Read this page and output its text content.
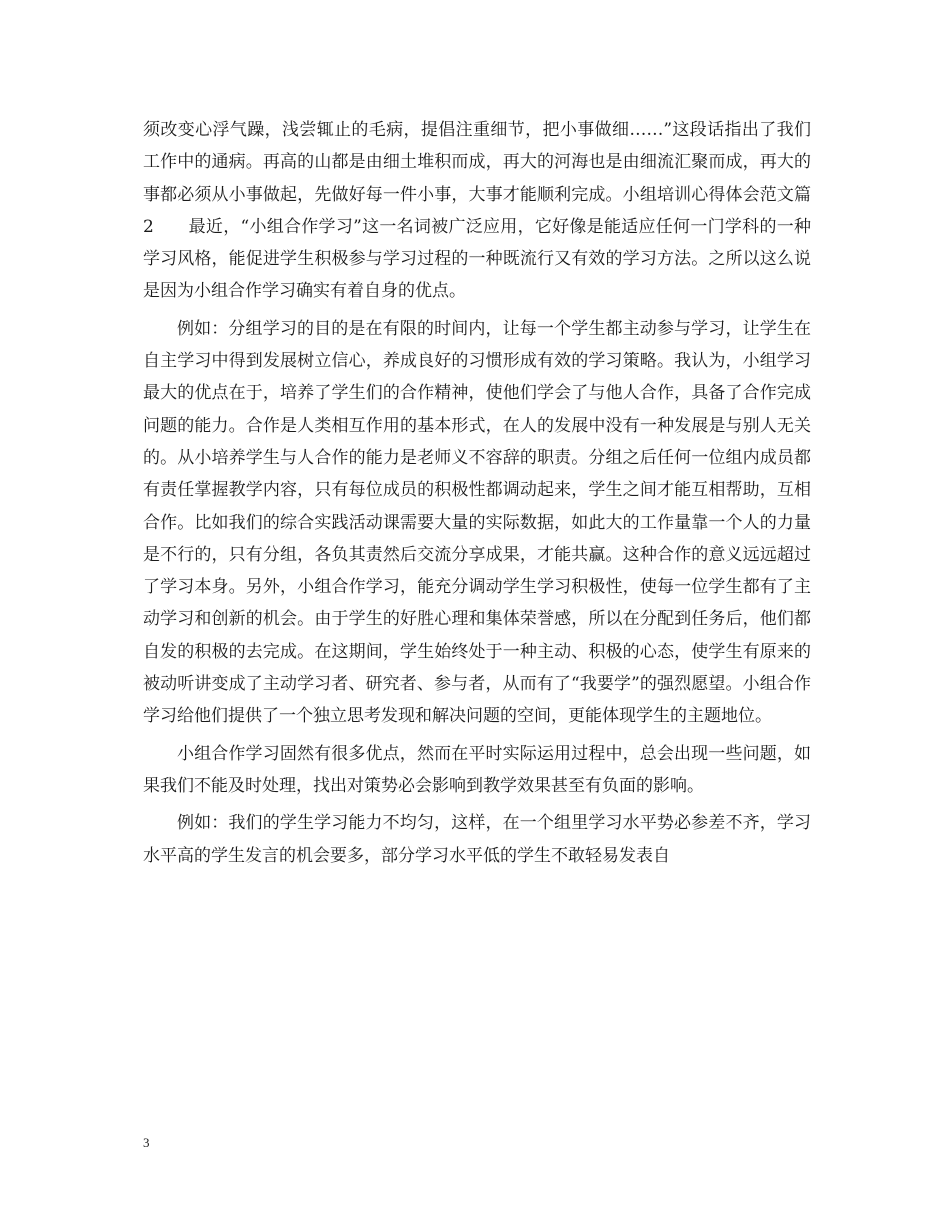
须改变心浮气躁，浅尝辄止的毛病，提倡注重细节，把小事做细……”这段话指出了我们工作中的通病。再高的山都是由细土堆积而成，再大的河海也是由细流汇聚而成，再大的事都必须从小事做起，先做好每一件小事，大事才能顺利完成。小组培训心得体会范文篇2　　最近，“小组合作学习”这一名词被广泛应用，它好像是能适应任何一门学科的一种学习风格，能促进学生积极参与学习过程的一种既流行又有效的学习方法。之所以这么说是因为小组合作学习确实有着自身的优点。

例如：分组学习的目的是在有限的时间内，让每一个学生都主动参与学习，让学生在自主学习中得到发展树立信心，养成良好的习惯形成有效的学习策略。我认为，小组学习最大的优点在于，培养了学生们的合作精神，使他们学会了与他人合作，具备了合作完成问题的能力。合作是人类相互作用的基本形式，在人的发展中没有一种发展是与别人无关的。从小培养学生与人合作的能力是老师义不容辞的职责。分组之后任何一位组内成员都有责任掌握教学内容，只有每位成员的积极性都调动起来，学生之间才能互相帮助，互相合作。比如我们的综合实践活动课需要大量的实际数据，如此大的工作量靠一个人的力量是不行的，只有分组，各负其责然后交流分享成果，才能共赢。这种合作的意义远远超过了学习本身。另外，小组合作学习，能充分调动学生学习积极性，使每一位学生都有了主动学习和创新的机会。由于学生的好胜心理和集体荣誉感，所以在分配到任务后，他们都自发的积极的去完成。在这期间，学生始终处于一种主动、积极的心态，使学生有原来的被动听讲变成了主动学习者、研究者、参与者，从而有了“我要学”的强烈愿望。小组合作学习给他们提供了一个独立思考发现和解决问题的空间，更能体现学生的主题地位。

小组合作学习固然有很多优点，然而在平时实际运用过程中，总会出现一些问题，如果我们不能及时处理，找出对策势必会影响到教学效果甚至有负面的影响。

例如：我们的学生学习能力不均匀，这样，在一个组里学习水平势必参差不齐，学习水平高的学生发言的机会要多，部分学习水平低的学生不敢轻易发表自

3
